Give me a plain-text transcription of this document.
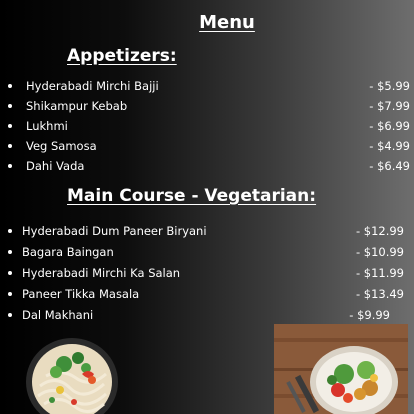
Menu
Appetizers:
Hyderabadi Mirchi Bajji	- $5.99
Shikampur Kebab	- $7.99
Lukhmi	- $6.99
Veg Samosa	- $4.99
Dahi Vada	- $6.49
Main Course - Vegetarian:
Hyderabadi Dum Paneer Biryani	- $12.99
Bagara Baingan	- $10.99
Hyderabadi Mirchi Ka Salan	- $11.99
Paneer Tikka Masala	- $13.49
Dal Makhani	- $9.99
